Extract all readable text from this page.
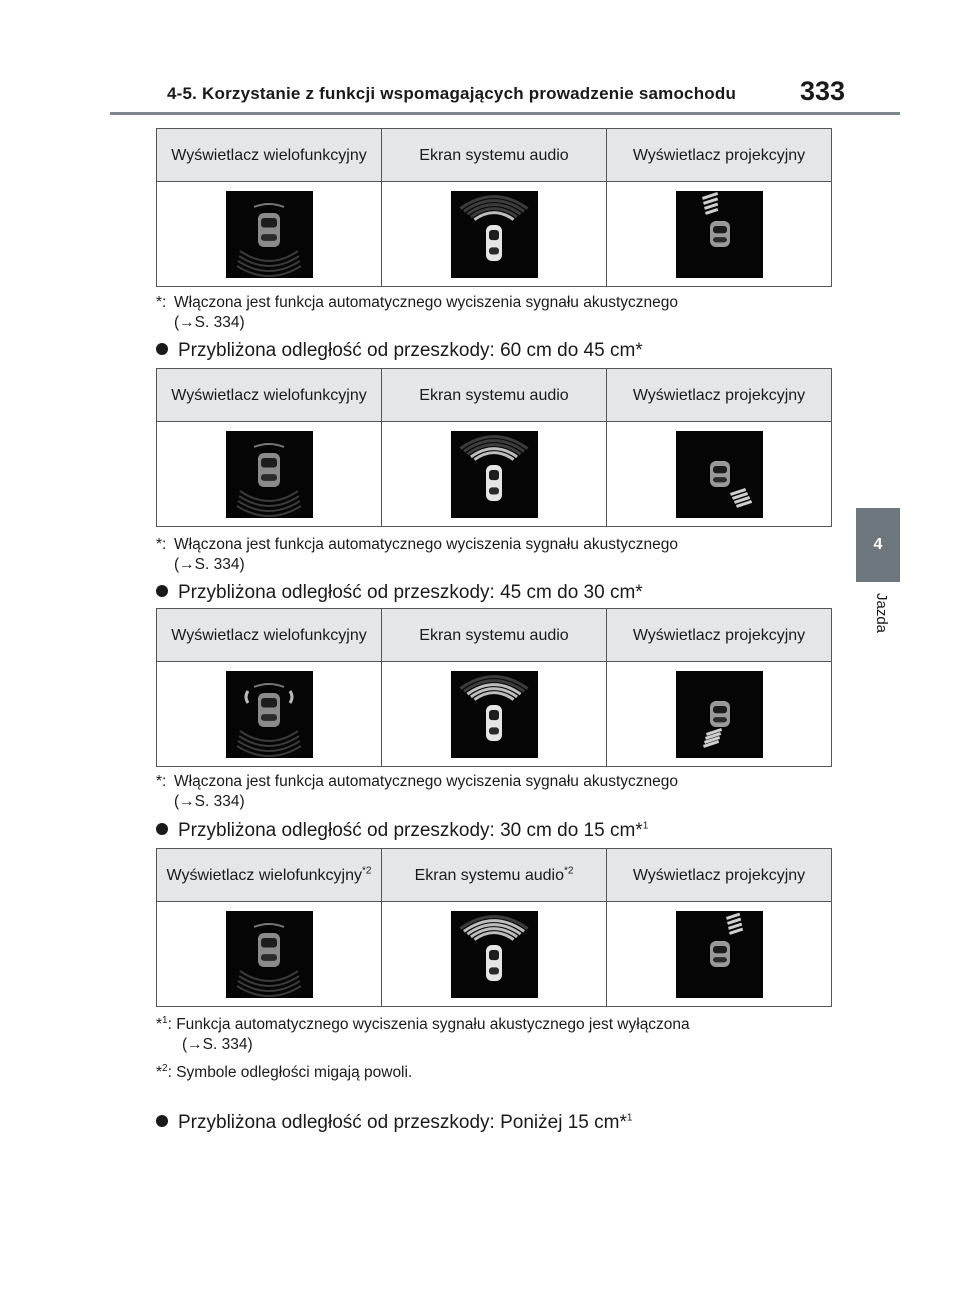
4-5. Korzystanie z funkcji wspomagających prowadzenie samochodu 333
4
Jazda
Wyświetlacz wielofunkcyjny	Ekran systemu audio	Wyświetlacz projekcyjny

*: Włączona jest funkcja automatycznego wyciszenia sygnału akustycznego
(→S. 334)
Przybliżona odległość od przeszkody: 60 cm do 45 cm*
Wyświetlacz wielofunkcyjny	Ekran systemu audio	Wyświetlacz projekcyjny

*: Włączona jest funkcja automatycznego wyciszenia sygnału akustycznego
(→S. 334)
Przybliżona odległość od przeszkody: 45 cm do 30 cm*
Wyświetlacz wielofunkcyjny	Ekran systemu audio	Wyświetlacz projekcyjny

*: Włączona jest funkcja automatycznego wyciszenia sygnału akustycznego
(→S. 334)
Przybliżona odległość od przeszkody: 30 cm do 15 cm*$^1$
Wyświetlacz wielofunkcyjny$^{*2}$	Ekran systemu audio$^{*2}$	Wyświetlacz projekcyjny

*$^1$: Funkcja automatycznego wyciszenia sygnału akustycznego jest wyłączona
(→S. 334)
*$^2$: Symbole odległości migają powoli.
Przybliżona odległość od przeszkody: Poniżej 15 cm*$^1$
